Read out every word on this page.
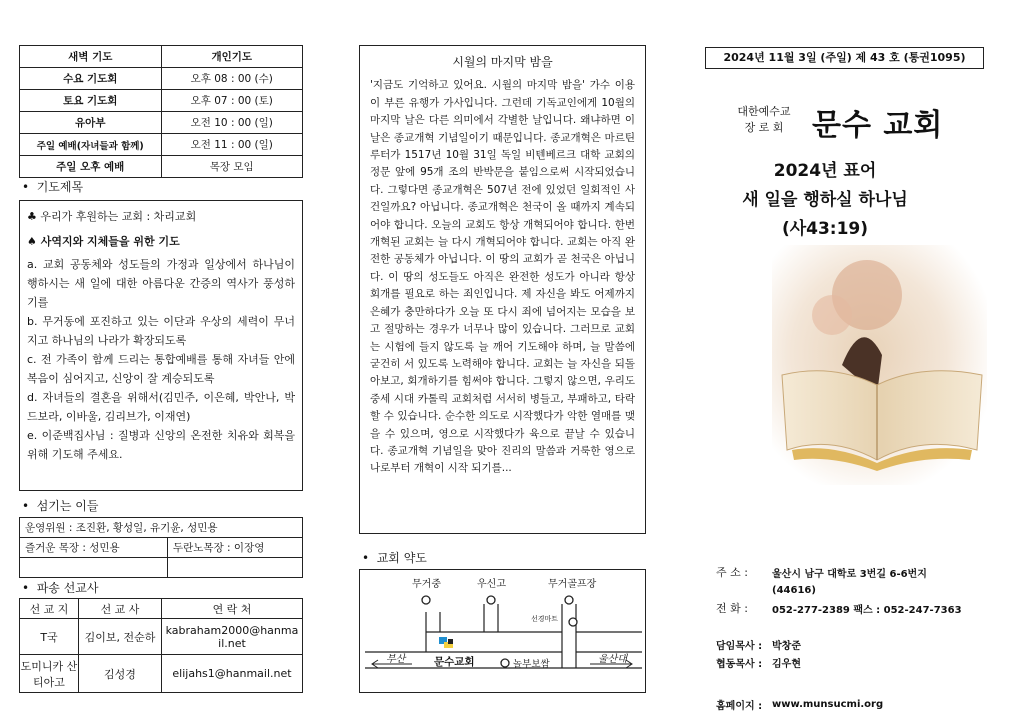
새벽 기도	개인기도
수요 기도회	오후 08 : 00 (수)
토요 기도회	오후 07 : 00 (토)
유아부	오전 10 : 00 (일)
주일 예배(자녀들과 함께)	오전 11 : 00 (일)
주일 오후 예배	목장 모임
• 기도제목

♣ 우리가 후원하는 교회 : 차리교회

♠ 사역지와 지체들을 위한 기도

a. 교회 공동체와 성도들의 가정과 일상에서 하나님이 행하시는 새 일에 대한 아름다운 간증의 역사가 풍성하기를

b. 무거동에 포진하고 있는 이단과 우상의 세력이 무너지고 하나님의 나라가 확장되도록

c. 전 가족이 함께 드리는 통합예배를 통해 자녀들 안에 복음이 심어지고, 신앙이 잘 계승되도록

d. 자녀들의 결혼을 위해서(김민주, 이은혜, 박안나, 박드보라, 이바울, 김리브가, 이재연)

e. 이준백집사님 : 질병과 신앙의 온전한 치유와 회복을 위해 기도해 주세요.

• 섬기는 이들
운영위원 : 조진환, 황성일, 유기윤, 성민용	
즐거운 목장 : 성민용	두란노목장 : 이장영

• 파송 선교사
선 교 지	선 교 사	연 락 처
T국	김이보, 전순하	kabraham2000@hanmail.net
도미니카 산티아고	김성경	elijahs1@hanmail.net
시월의 마지막 밤을
'지금도 기억하고 있어요. 시월의 마지막 밤을' 가수 이용이 부른 유행가 가사입니다. 그런데 기독교인에게 10월의 마지막 날은 다른 의미에서 각별한 날입니다. 왜냐하면 이날은 종교개혁 기념일이기 때문입니다. 종교개혁은 마르틴 루터가 1517년 10월 31일 독일 비텐베르크 대학 교회의 정문 앞에 95개 조의 반박문을 붙임으로써 시작되었습니다. 그렇다면 종교개혁은 507년 전에 있었던 일회적인 사건일까요? 아닙니다. 종교개혁은 천국이 올 때까지 계속되어야 합니다. 오늘의 교회도 항상 개혁되어야 합니다. 한번 개혁된 교회는 늘 다시 개혁되어야 합니다. 교회는 아직 완전한 공동체가 아닙니다. 이 땅의 교회가 곧 천국은 아닙니다. 이 땅의 성도들도 아직은 완전한 성도가 아니라 항상 회개를 필요로 하는 죄인입니다. 제 자신을 봐도 어제까지 은혜가 충만하다가 오늘 또 다시 죄에 넘어지는 모습을 보고 절망하는 경우가 너무나 많이 있습니다. 그러므로 교회는 시험에 들지 않도록 늘 깨어 기도해야 하며, 늘 말씀에 굳건히 서 있도록 노력해야 합니다. 교회는 늘 자신을 되돌아보고, 회개하기를 힘써야 합니다. 그렇지 않으면, 우리도 중세 시대 카톨릭 교회처럼 서서히 병들고, 부패하고, 타락할 수 있습니다. 순수한 의도로 시작했다가 악한 열매를 맺을 수 있으며, 영으로 시작했다가 육으로 끝날 수 있습니다. 종교개혁 기념일을 맞아 진리의 말씀과 거룩한 영으로 나로부터 개혁이 시작 되기를...
• 교회 약도
무거중	우신고	무거골프장
선경마트
문수교회	놀부보쌈
부산	울산대
2024년 11월 3일 (주일) 제 43 호 (통권1095)
대한예수교
장 로 회 문수 교회
2024년 표어
새 일을 행하실 하나님
(사43:19)
주 소 :	울산시 남구 대학로 3번길 6-6번지
	(44616)
전 화 :	052-277-2389 팩스 : 052-247-7363

담임목사 :	박창준
협동목사 :	김우현

홈페이지 :	www.munsucmi.org
